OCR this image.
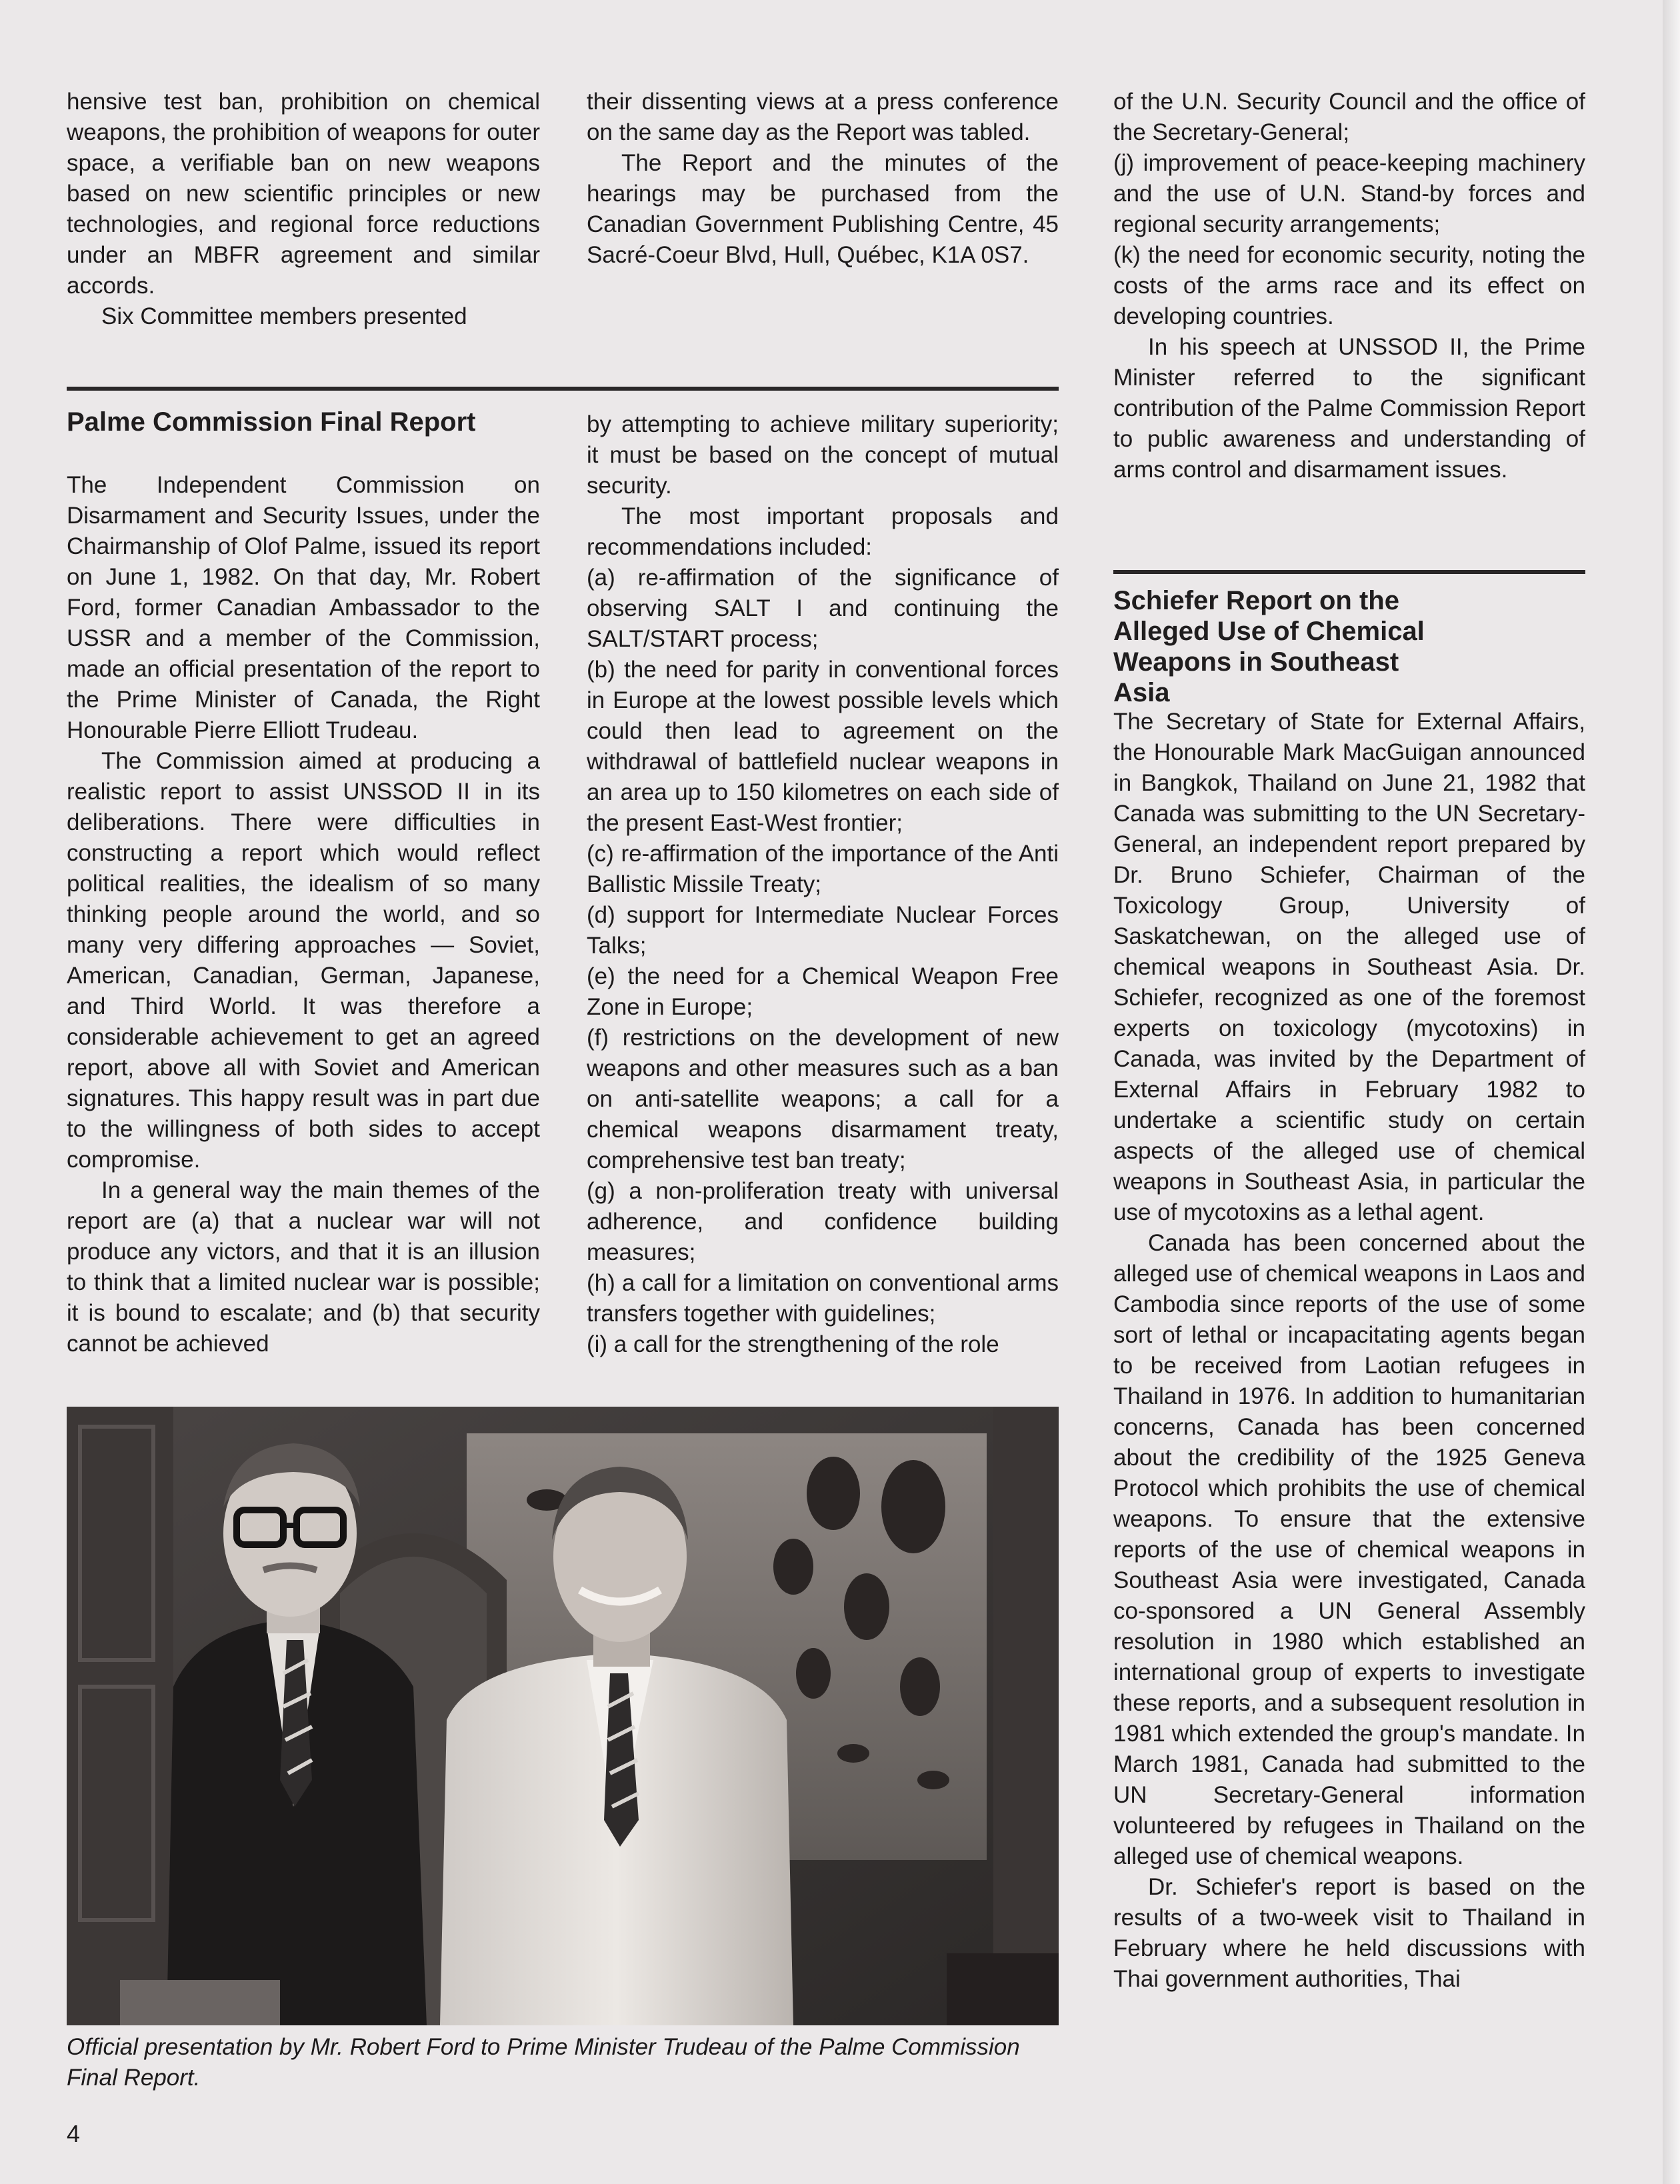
hensive test ban, prohibition on chemical weapons, the prohibition of weapons for outer space, a verifiable ban on new weapons based on new scientific principles or new technologies, and regional force reductions under an MBFR agreement and similar accords.

Six Committee members presented

their dissenting views at a press conference on the same day as the Report was tabled.

The Report and the minutes of the hearings may be purchased from the Canadian Government Publishing Centre, 45 Sacré-Coeur Blvd, Hull, Québec, K1A 0S7.

Palme Commission Final Report

The Independent Commission on Disarmament and Security Issues, under the Chairmanship of Olof Palme, issued its report on June 1, 1982. On that day, Mr. Robert Ford, former Canadian Ambassador to the USSR and a member of the Commission, made an official presentation of the report to the Prime Minister of Canada, the Right Honourable Pierre Elliott Trudeau.

The Commission aimed at producing a realistic report to assist UNSSOD II in its deliberations. There were difficulties in constructing a report which would reflect political realities, the idealism of so many thinking people around the world, and so many very differing approaches — Soviet, American, Canadian, German, Japanese, and Third World. It was therefore a considerable achievement to get an agreed report, above all with Soviet and American signatures. This happy result was in part due to the willingness of both sides to accept compromise.

In a general way the main themes of the report are (a) that a nuclear war will not produce any victors, and that it is an illusion to think that a limited nuclear war is possible; it is bound to escalate; and (b) that security cannot be achieved

by attempting to achieve military superiority; it must be based on the concept of mutual security.

The most important proposals and recommendations included:

(a) re-affirmation of the significance of observing SALT I and continuing the SALT/START process;

(b) the need for parity in conventional forces in Europe at the lowest possible levels which could then lead to agreement on the withdrawal of battlefield nuclear weapons in an area up to 150 kilometres on each side of the present East-West frontier;

(c) re-affirmation of the importance of the Anti Ballistic Missile Treaty;

(d) support for Intermediate Nuclear Forces Talks;

(e) the need for a Chemical Weapon Free Zone in Europe;

(f) restrictions on the development of new weapons and other measures such as a ban on anti-satellite weapons; a call for a chemical weapons disarmament treaty, comprehensive test ban treaty;

(g) a non-proliferation treaty with universal adherence, and confidence building measures;

(h) a call for a limitation on conventional arms transfers together with guidelines;

(i) a call for the strengthening of the role

of the U.N. Security Council and the office of the Secretary-General;

(j) improvement of peace-keeping machinery and the use of U.N. Stand-by forces and regional security arrangements;

(k) the need for economic security, noting the costs of the arms race and its effect on developing countries.

In his speech at UNSSOD II, the Prime Minister referred to the significant contribution of the Palme Commission Report to public awareness and understanding of arms control and disarmament issues.

Schiefer Report on the Alleged Use of Chemical Weapons in Southeast Asia

The Secretary of State for External Affairs, the Honourable Mark MacGuigan announced in Bangkok, Thailand on June 21, 1982 that Canada was submitting to the UN Secretary-General, an independent report prepared by Dr. Bruno Schiefer, Chairman of the Toxicology Group, University of Saskatchewan, on the alleged use of chemical weapons in Southeast Asia. Dr. Schiefer, recognized as one of the foremost experts on toxicology (mycotoxins) in Canada, was invited by the Department of External Affairs in February 1982 to undertake a scientific study on certain aspects of the alleged use of chemical weapons in Southeast Asia, in particular the use of mycotoxins as a lethal agent.

Canada has been concerned about the alleged use of chemical weapons in Laos and Cambodia since reports of the use of some sort of lethal or incapacitating agents began to be received from Laotian refugees in Thailand in 1976. In addition to humanitarian concerns, Canada has been concerned about the credibility of the 1925 Geneva Protocol which prohibits the use of chemical weapons. To ensure that the extensive reports of the use of chemical weapons in Southeast Asia were investigated, Canada co-sponsored a UN General Assembly resolution in 1980 which established an international group of experts to investigate these reports, and a subsequent resolution in 1981 which extended the group's mandate. In March 1981, Canada had submitted to the UN Secretary-General information volunteered by refugees in Thailand on the alleged use of chemical weapons.

Dr. Schiefer's report is based on the results of a two-week visit to Thailand in February where he held discussions with Thai government authorities, Thai

Official presentation by Mr. Robert Ford to Prime Minister Trudeau of the Palme Commission Final Report.
4
